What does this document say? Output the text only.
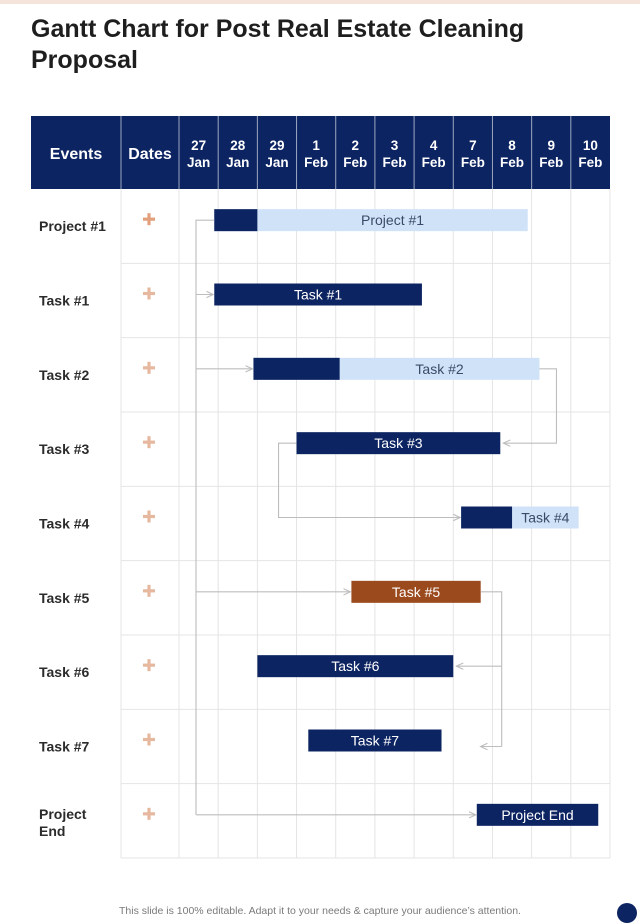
Gantt Chart for Post Real Estate Cleaning Proposal
Events Dates
27
Jan
28
Jan
29
Jan
1
Feb
2
Feb
3
Feb
4
Feb
7
Feb
8
Feb
9
Feb
10
Feb
Project #1
Task #1
Task #2
Task #3
Task #4
Task #5
Task #6
Task #7
Project
End
Project #1
Task #1
Task #2
Task #3
Task #4
Task #5
Task #6
Task #7
Project End
This slide is 100% editable. Adapt it to your needs & capture your audience’s attention.
